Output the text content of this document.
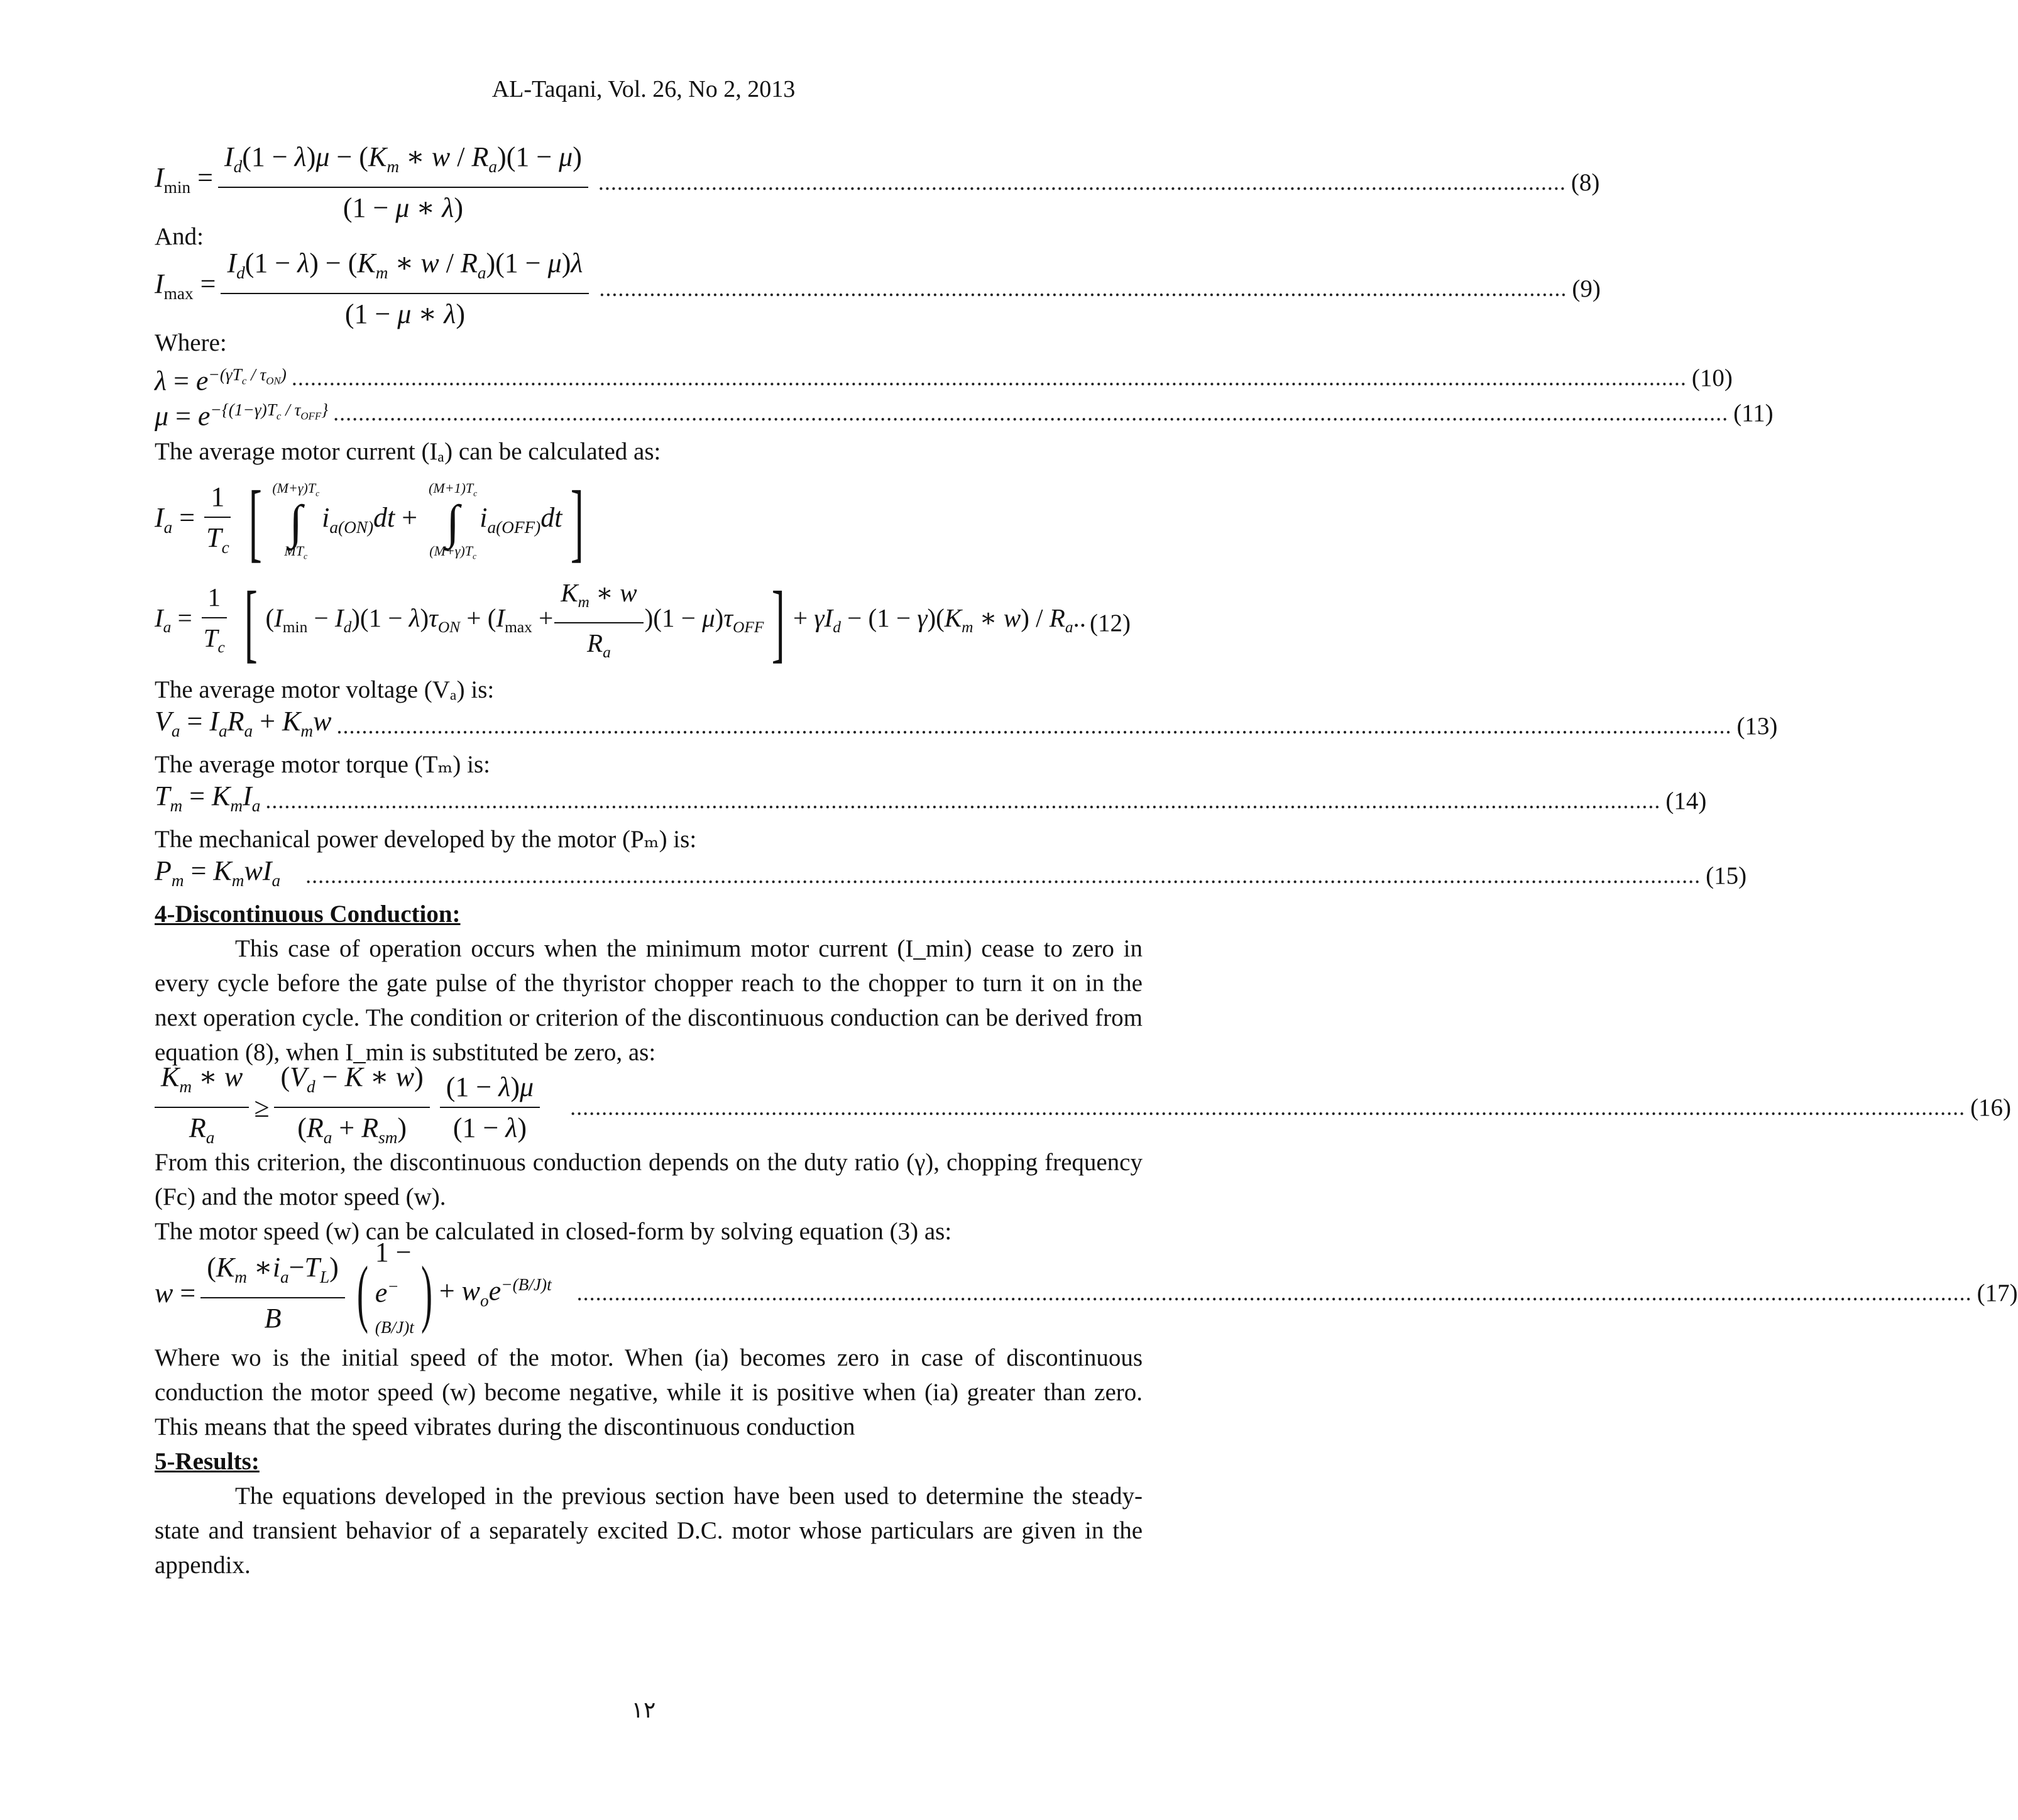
AL-Taqani, Vol. 26, No 2, 2013
$I_{min} = \frac{I_d(1 - \lambda)\mu - (K_m ∗ w / R_a)(1 - \mu)}{(1 - \mu ∗ \lambda)}$ .......................................................................................................................................................... (8)

And:

$I_{max} = \frac{I_d(1 - \lambda) - (K_m ∗ w / R_a)(1 - \mu)\lambda}{(1 - \mu ∗ \lambda)}$ .......................................................................................................................................................... (9)

Where:

$\lambda = e^{-(\gamma T_c / \tau_{ON})}$ .............................................................................................................................................................................................................................. (10)
$\mu = e^{-\{(1-\gamma)T_c / \tau_{OFF}\}}$ .............................................................................................................................................................................................................................. (11)

The average motor current (Iₐ) can be calculated as:

$I_a = \frac{1}{T_c}$ [ $(M+\gamma)T_c$
∫
$MT_c$
$i_{a(ON)}dt$ +
$(M+1)T_c$
∫
$(M+\gamma)T_c$
$i_{a(OFF)}dt$ ]
$I_a = \frac{1}{T_c}$ [ $(I_{min} - I_d)(1 - \lambda)\tau_{ON} + (I_{max} + \frac{K_m ∗ w}{R_a} )(1 - \mu)\tau_{OFF}$ ] + $\gamma I_d - (1 - \gamma)(K_m$ ∗ $w) / R_a$.. (12)

The average motor voltage (Vₐ) is:

$V_a = I_aR_a + K_mw$ .............................................................................................................................................................................................................................. (13)

The average motor torque (Tₘ) is:

$T_m = K_mI_a$ .............................................................................................................................................................................................................................. (14)

The mechanical power developed by the motor (Pₘ) is:

$P_m = K_mwI_a$ .............................................................................................................................................................................................................................. (15)

4-Discontinuous Conduction:

This case of operation occurs when the minimum motor current (I_min) cease to zero in every cycle before the gate pulse of the thyristor chopper reach to the chopper to turn it on in the next operation cycle. The condition or criterion of the discontinuous conduction can be derived from equation (8), when I_min is substituted be zero, as:

$\frac{K_m ∗ w}{R_a} \ge \frac{(V_d - K ∗ w)}{(R_a + R_{sm})} \frac{(1 - \lambda)\mu}{(1 - \lambda)}$ .............................................................................................................................................................................................................................. (16)

From this criterion, the discontinuous conduction depends on the duty ratio (γ), chopping frequency (Fc) and the motor speed (w).

The motor speed (w) can be calculated in closed-form by solving equation (3) as:

$w = \frac{(K_m ∗i_a-T_L)}{B}$ ( $1 - e^{-(B/J)t}$ ) + $w_oe^{-(B/J)t}$ .............................................................................................................................................................................................................................. (17)

Where wo is the initial speed of the motor. When (ia) becomes zero in case of discontinuous conduction the motor speed (w) become negative, while it is positive when (ia) greater than zero. This means that the speed vibrates during the discontinuous conduction

5-Results:

The equations developed in the previous section have been used to determine the steady-state and transient behavior of a separately excited D.C. motor whose particulars are given in the appendix.

١٢
